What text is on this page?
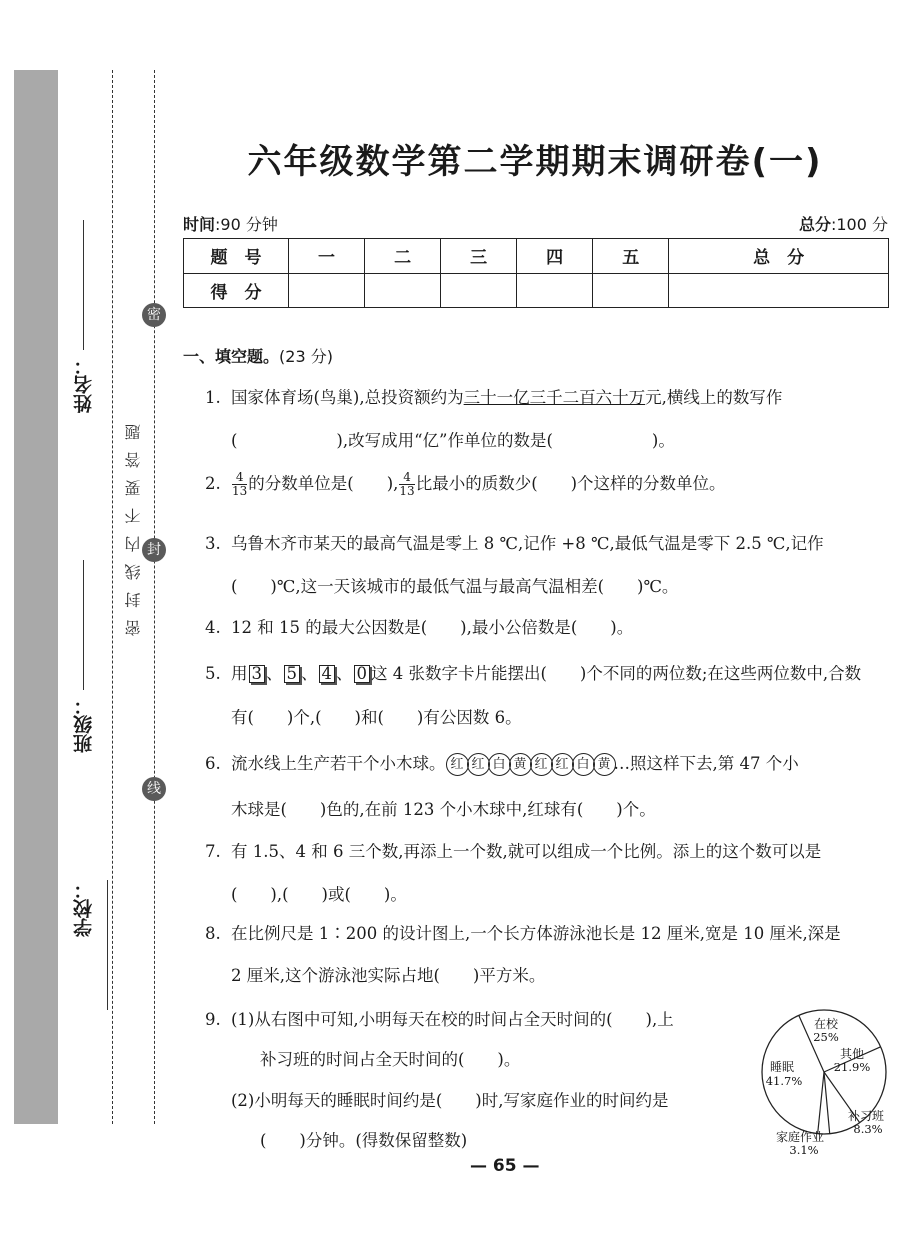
学校：
班级：
姓名：
密
封
线
密封线内不要答题
六年级数学第二学期期末调研卷(一)
时间:90 分钟	总分:100 分
题　号	一	二	三	四	五	总　分
得　分						
一、填空题。(23 分)
1. 国家体育场(鸟巢),总投资额约为三十一亿三千二百六十万元,横线上的数写作
(　　　　　　),改写成用“亿”作单位的数是(　　　　　　)。
2. $\frac{4}{13}$ 的分数单位是(　　), $\frac{4}{13}$ 比最小的质数少(　　)个这样的分数单位。
3. 乌鲁木齐市某天的最高气温是零上 8 ℃,记作 +8 ℃,最低气温是零下 2.5 ℃,记作
(　　)℃,这一天该城市的最低气温与最高气温相差(　　)℃。
4. 12 和 15 的最大公因数是(　　),最小公倍数是(　　)。
5. 用 3 、 5 、 4 、 0 这 4 张数字卡片能摆出(　　)个不同的两位数;在这些两位数中,合数
有(　　)个,(　　)和(　　)有公因数 6。
6. 流水线上生产若干个小木球。 红 红 白 黄 红 红 白 黄 …照这样下去,第 47 个小
木球是(　　)色的,在前 123 个小木球中,红球有(　　)个。
7. 有 1.5、4 和 6 三个数,再添上一个数,就可以组成一个比例。添上的这个数可以是
(　　),(　　)或(　　)。
8. 在比例尺是 1∶200 的设计图上,一个长方体游泳池长是 12 厘米,宽是 10 厘米,深是
2 厘米,这个游泳池实际占地(　　)平方米。
9. (1)从右图中可知,小明每天在校的时间占全天时间的(　　),上
补习班的时间占全天时间的(　　)。
(2)小明每天的睡眠时间约是(　　)时,写家庭作业的时间约是
(　　)分钟。(得数保留整数)
在校
25%
其他
21.9%
补习班
8.3%
家庭作业
3.1%
睡眠
41.7%
— 65 —
